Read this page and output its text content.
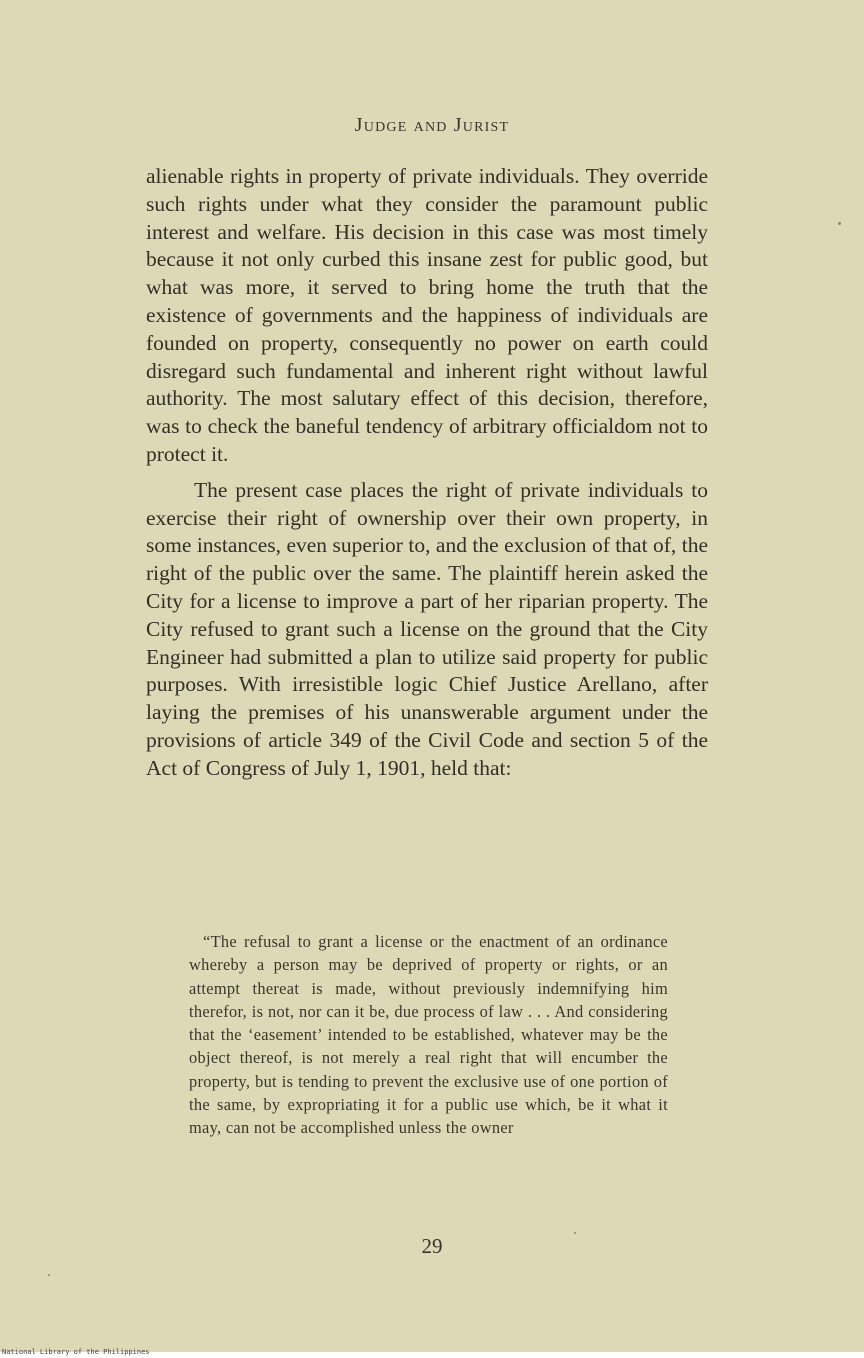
Judge and Jurist

alienable rights in property of private individuals. They override such rights under what they consider the paramount public interest and welfare. His decision in this case was most timely because it not only curbed this insane zest for public good, but what was more, it served to bring home the truth that the existence of governments and the happiness of individuals are founded on property, consequently no power on earth could disregard such fundamental and inherent right without lawful authority. The most salutary effect of this decision, therefore, was to check the baneful tendency of arbitrary officialdom not to protect it.

The present case places the right of private individuals to exercise their right of ownership over their own property, in some instances, even superior to, and the exclusion of that of, the right of the public over the same. The plaintiff herein asked the City for a license to improve a part of her riparian property. The City refused to grant such a license on the ground that the City Engineer had submitted a plan to utilize said property for public purposes. With irresistible logic Chief Justice Arellano, after laying the premises of his unanswerable argument under the provisions of article 349 of the Civil Code and section 5 of the Act of Congress of July 1, 1901, held that:

“The refusal to grant a license or the enactment of an ordinance whereby a person may be deprived of property or rights, or an attempt thereat is made, without previously indemnifying him therefor, is not, nor can it be, due process of law . . . And considering that the ‘easement’ intended to be established, whatever may be the object thereof, is not merely a real right that will encumber the property, but is tending to prevent the exclusive use of one portion of the same, by expropriating it for a public use which, be it what it may, can not be accomplished unless the owner

29
National Library of the Philippines
